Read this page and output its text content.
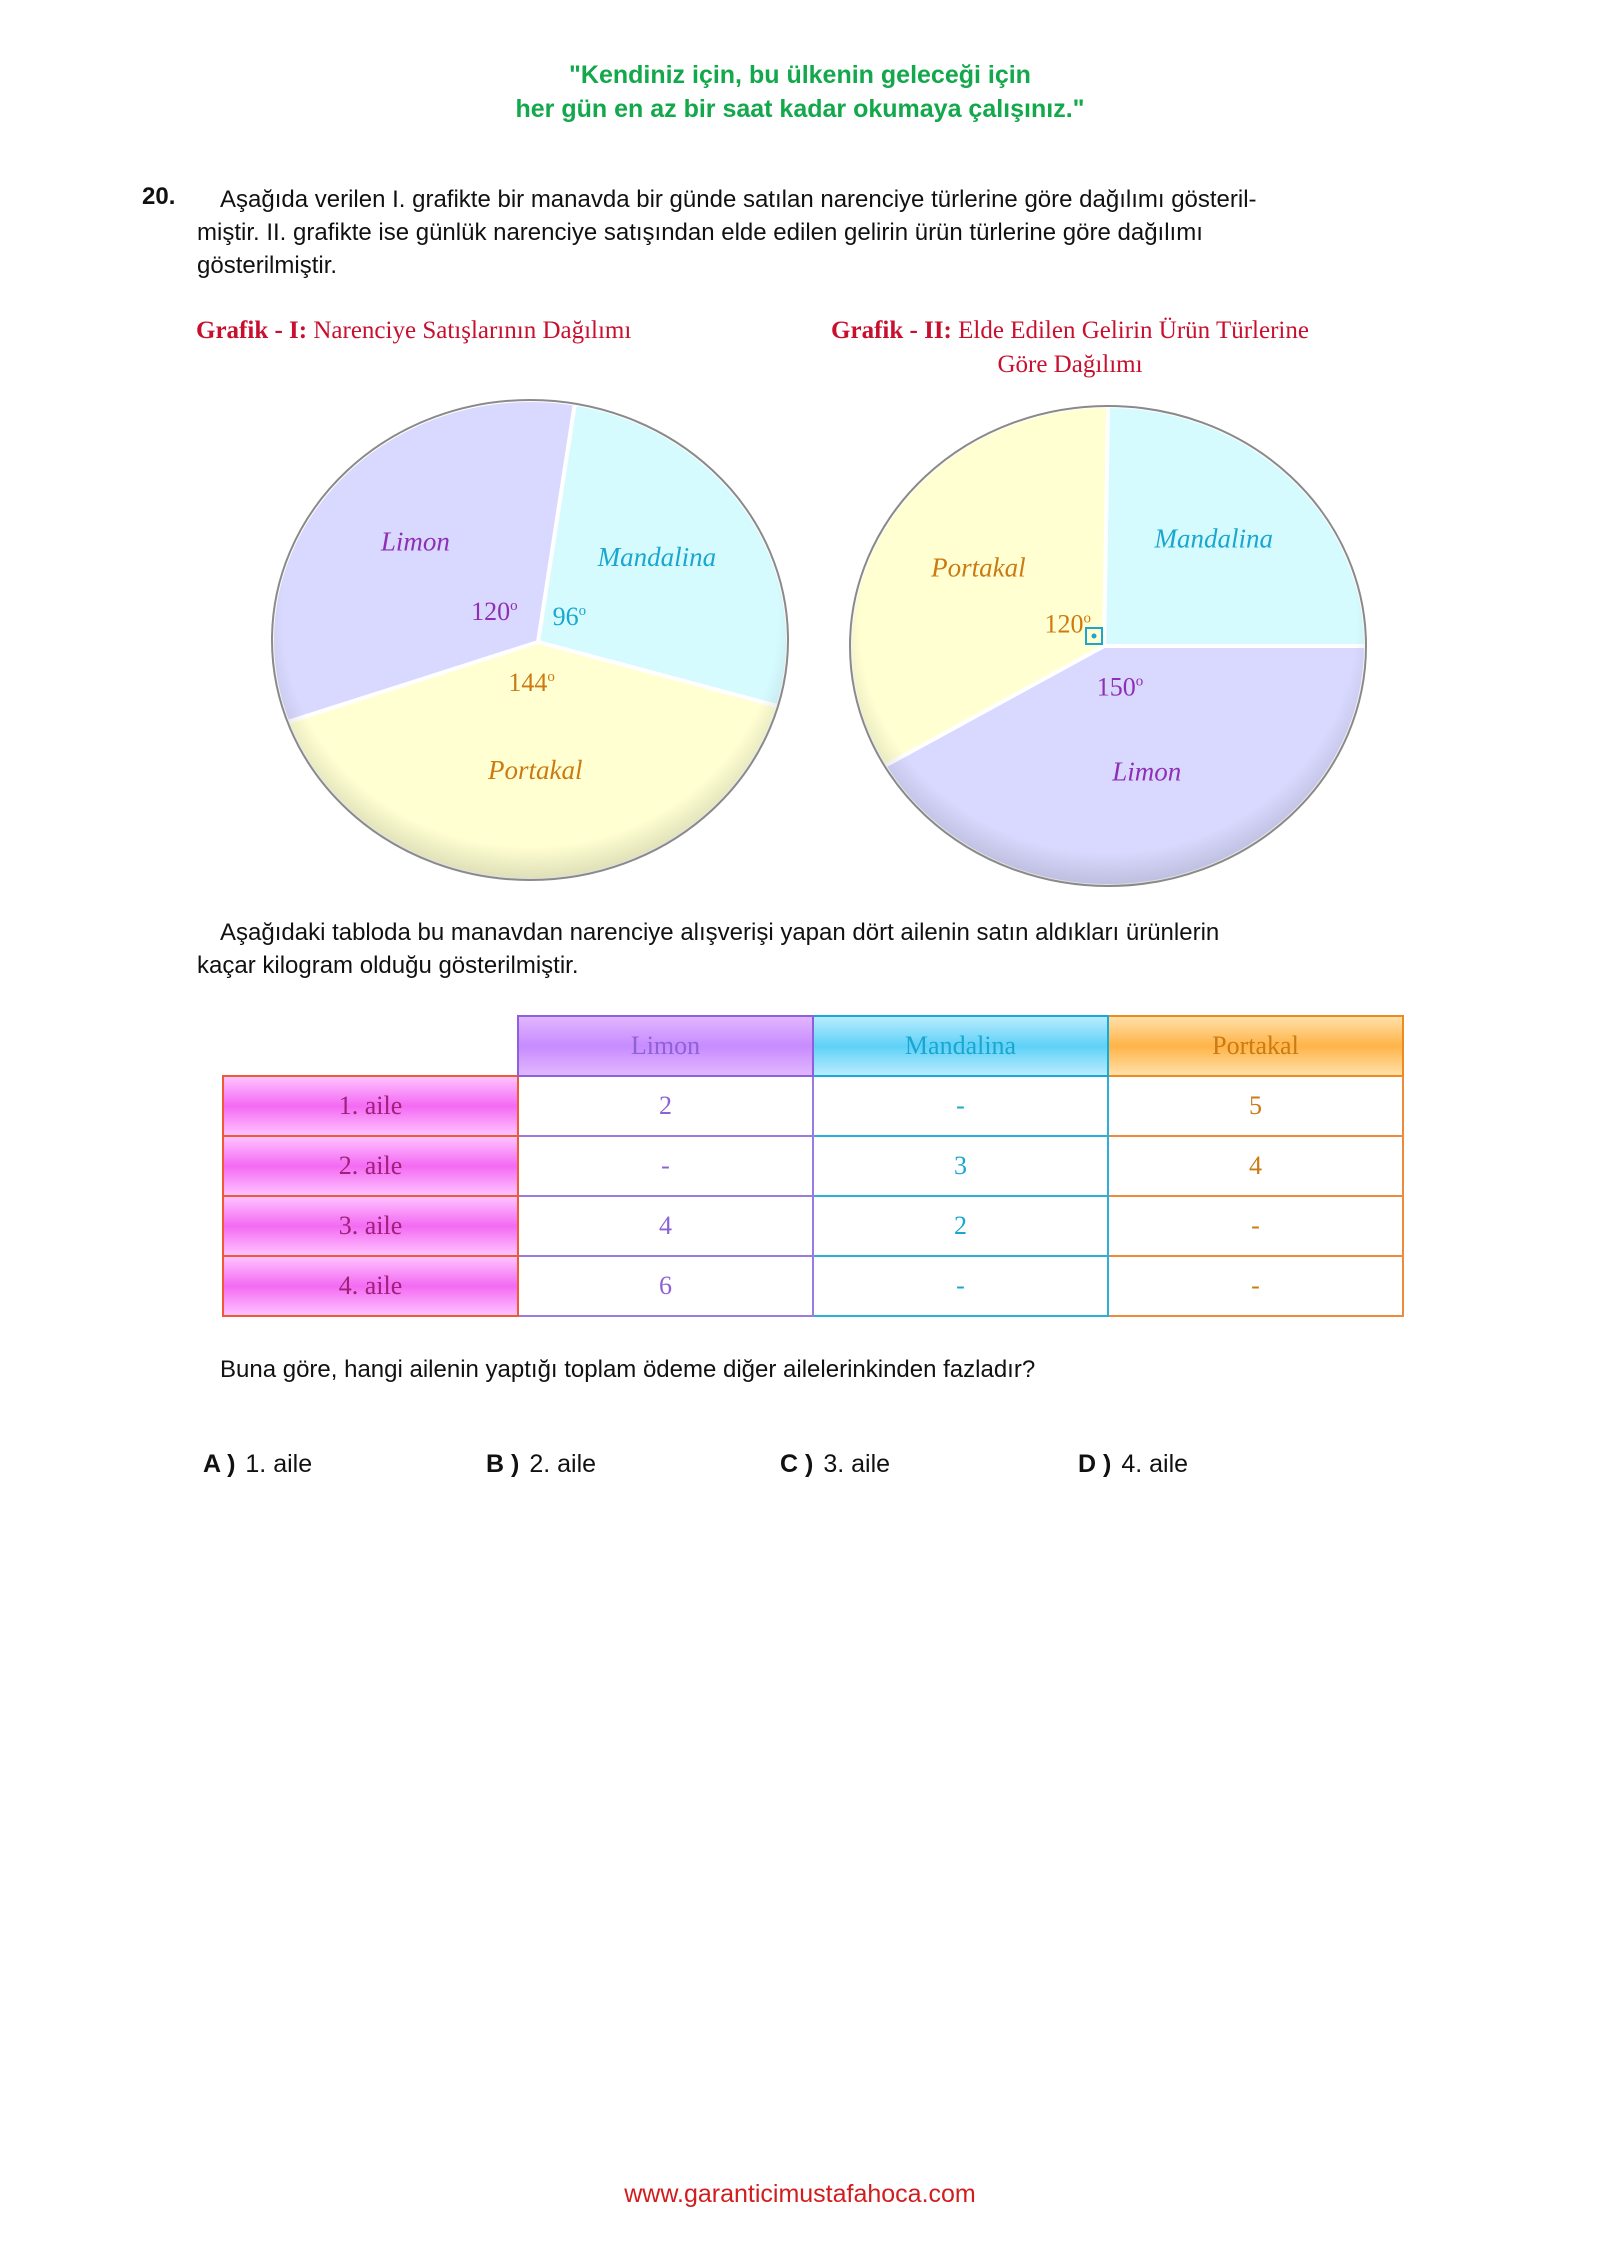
"Kendiniz için, bu ülkenin geleceği için
her gün en az bir saat kadar okumaya çalışınız."
20.	Aşağıda verilen I. grafikte bir manavda bir günde satılan narenciye türlerine göre dağılımı gösteril-
miştir. II. grafikte ise günlük narenciye satışından elde edilen gelirin ürün türlerine göre dağılımı
gösterilmiştir.
Grafik - I: Narenciye Satışlarının Dağılımı	Grafik - II: Elde Edilen Gelirin Ürün Türlerine
Göre Dağılımı
Mandalina
96$^o$
Portakal
144$^o$
Limon
120$^o$
Mandalina
Limon
150$^o$
Portakal
120$^o$
Aşağıdaki tabloda bu manavdan narenciye alışverişi yapan dört ailenin satın aldıkları ürünlerin
kaçar kilogram olduğu gösterilmiştir.
	Limon	Mandalina	Portakal
1. aile	2	-	5
2. aile	-	3	4
3. aile	4	2	-
4. aile	6	-	-
Buna göre, hangi ailenin yaptığı toplam ödeme diğer ailelerinkinden fazladır?
A ) 1. aile	B ) 2. aile	C ) 3. aile	D ) 4. aile
www.garanticimustafahoca.com
